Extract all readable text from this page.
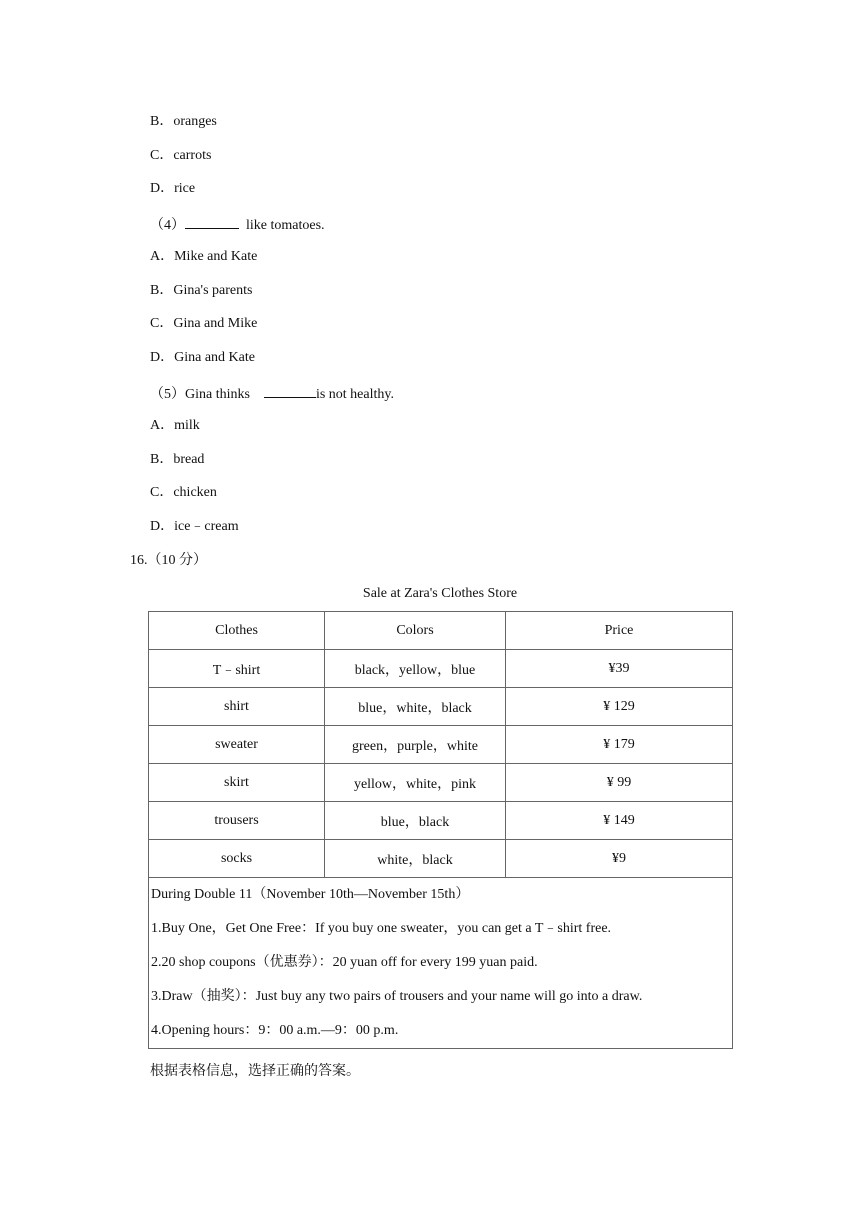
B．oranges
C．carrots
D．rice
（4）	like tomatoes.
A．Mike and Kate
B．Gina's parents
C．Gina and Mike
D．Gina and Kate
（5）Gina thinks	is not healthy.
A．milk
B．bread
C．chicken
D．ice﹣cream
16.（10 分）
Sale at Zara's Clothes Store
Clothes	Colors	Price
T﹣shirt	black，yellow，blue	¥39
shirt	blue，white，black	¥ 129
sweater	green，purple，white	¥ 179
skirt	yellow，white，pink	¥ 99
trousers	blue，black	¥ 149
socks	white，black	¥9

During Double 11（November 10th—November 15th）
1.Buy One，Get One Free：If you buy one sweater，you can get a T﹣shirt free.
2.20 shop coupons（优惠券）：20 yuan off for every 199 yuan paid.
3.Draw（抽奖）：Just buy any two pairs of trousers and your name will go into a draw.
4.Opening hours：9：00 a.m.—9：00 p.m.		
根据表格信息，选择正确的答案。
